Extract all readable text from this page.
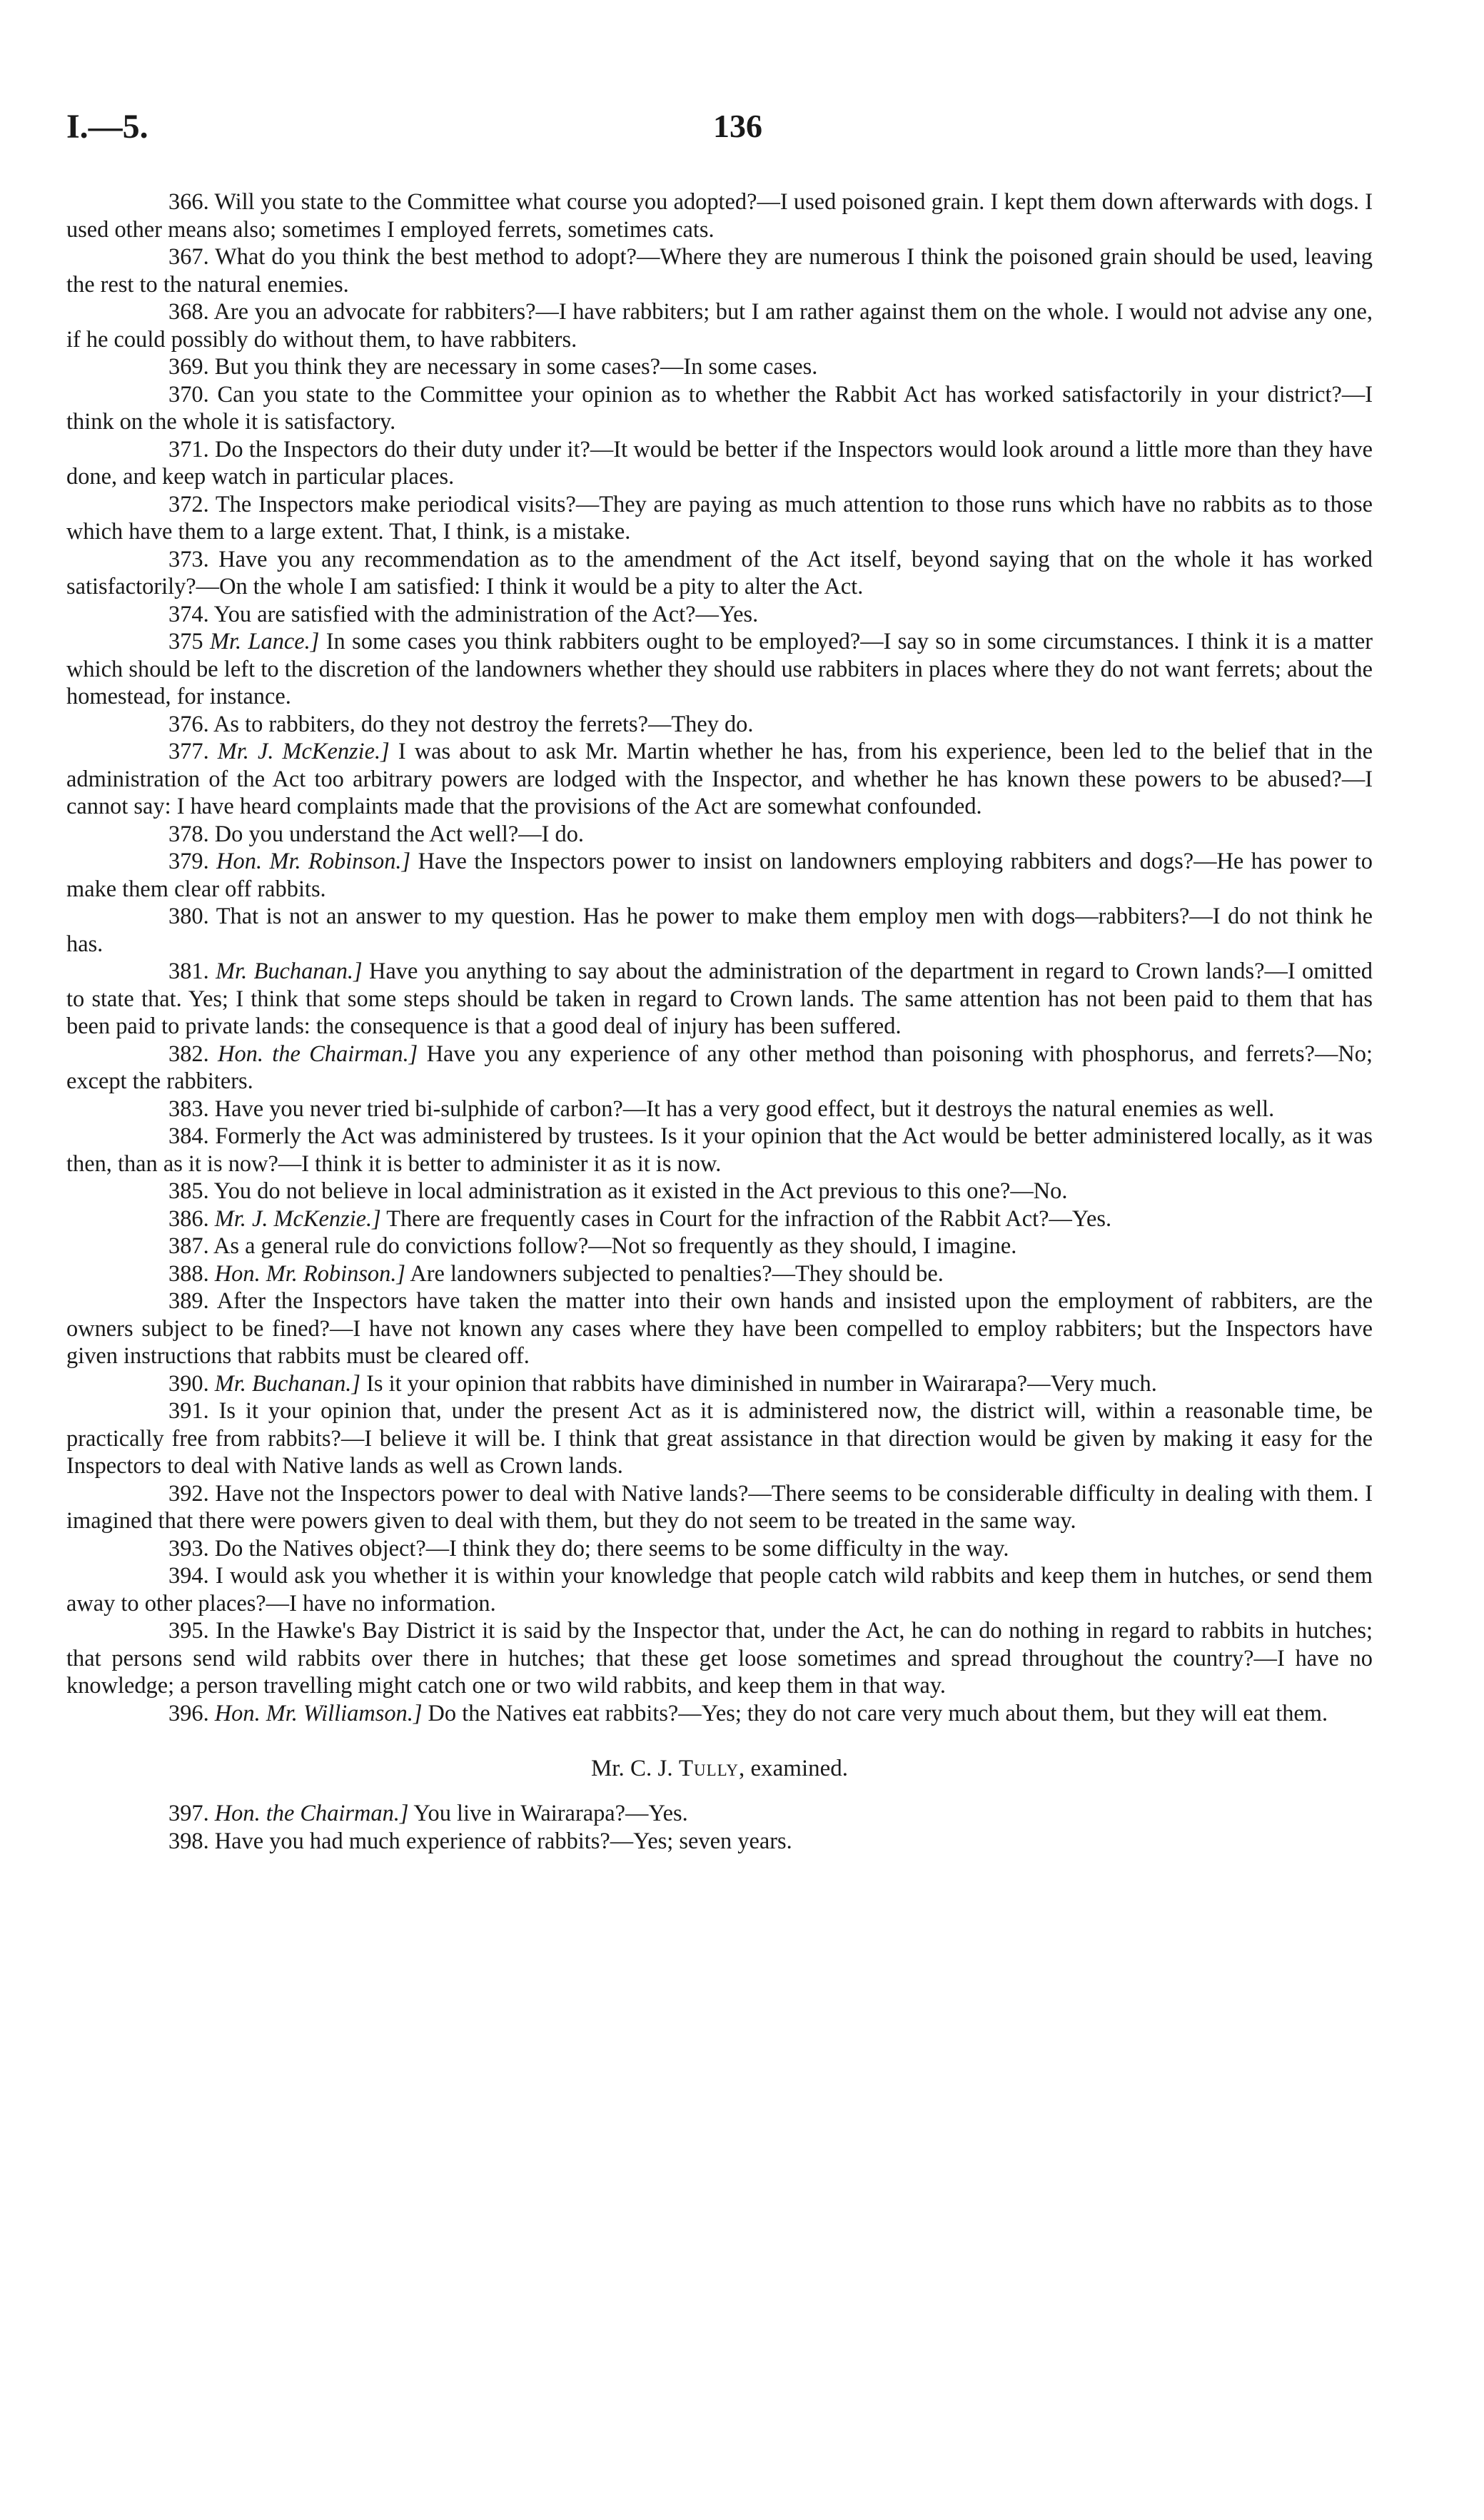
I.—5.	136

366. Will you state to the Committee what course you adopted?—I used poisoned grain. I kept them down afterwards with dogs. I used other means also; sometimes I employed ferrets, sometimes cats.

367. What do you think the best method to adopt?—Where they are numerous I think the poisoned grain should be used, leaving the rest to the natural enemies.

368. Are you an advocate for rabbiters?—I have rabbiters; but I am rather against them on the whole. I would not advise any one, if he could possibly do without them, to have rabbiters.

369. But you think they are necessary in some cases?—In some cases.

370. Can you state to the Committee your opinion as to whether the Rabbit Act has worked satisfactorily in your district?—I think on the whole it is satisfactory.

371. Do the Inspectors do their duty under it?—It would be better if the Inspectors would look around a little more than they have done, and keep watch in particular places.

372. The Inspectors make periodical visits?—They are paying as much attention to those runs which have no rabbits as to those which have them to a large extent. That, I think, is a mistake.

373. Have you any recommendation as to the amendment of the Act itself, beyond saying that on the whole it has worked satisfactorily?—On the whole I am satisfied: I think it would be a pity to alter the Act.

374. You are satisfied with the administration of the Act?—Yes.

375 Mr. Lance.] In some cases you think rabbiters ought to be employed?—I say so in some circumstances. I think it is a matter which should be left to the discretion of the landowners whether they should use rabbiters in places where they do not want ferrets; about the homestead, for instance.

376. As to rabbiters, do they not destroy the ferrets?—They do.

377. Mr. J. McKenzie.] I was about to ask Mr. Martin whether he has, from his experience, been led to the belief that in the administration of the Act too arbitrary powers are lodged with the Inspector, and whether he has known these powers to be abused?—I cannot say: I have heard complaints made that the provisions of the Act are somewhat confounded.

378. Do you understand the Act well?—I do.

379. Hon. Mr. Robinson.] Have the Inspectors power to insist on landowners employing rabbiters and dogs?—He has power to make them clear off rabbits.

380. That is not an answer to my question. Has he power to make them employ men with dogs—rabbiters?—I do not think he has.

381. Mr. Buchanan.] Have you anything to say about the administration of the department in regard to Crown lands?—I omitted to state that. Yes; I think that some steps should be taken in regard to Crown lands. The same attention has not been paid to them that has been paid to private lands: the consequence is that a good deal of injury has been suffered.

382. Hon. the Chairman.] Have you any experience of any other method than poisoning with phosphorus, and ferrets?—No; except the rabbiters.

383. Have you never tried bi-sulphide of carbon?—It has a very good effect, but it destroys the natural enemies as well.

384. Formerly the Act was administered by trustees. Is it your opinion that the Act would be better administered locally, as it was then, than as it is now?—I think it is better to administer it as it is now.

385. You do not believe in local administration as it existed in the Act previous to this one?—No.

386. Mr. J. McKenzie.] There are frequently cases in Court for the infraction of the Rabbit Act?—Yes.

387. As a general rule do convictions follow?—Not so frequently as they should, I imagine.

388. Hon. Mr. Robinson.] Are landowners subjected to penalties?—They should be.

389. After the Inspectors have taken the matter into their own hands and insisted upon the employment of rabbiters, are the owners subject to be fined?—I have not known any cases where they have been compelled to employ rabbiters; but the Inspectors have given instructions that rabbits must be cleared off.

390. Mr. Buchanan.] Is it your opinion that rabbits have diminished in number in Wairarapa?—Very much.

391. Is it your opinion that, under the present Act as it is administered now, the district will, within a reasonable time, be practically free from rabbits?—I believe it will be. I think that great assistance in that direction would be given by making it easy for the Inspectors to deal with Native lands as well as Crown lands.

392. Have not the Inspectors power to deal with Native lands?—There seems to be considerable difficulty in dealing with them. I imagined that there were powers given to deal with them, but they do not seem to be treated in the same way.

393. Do the Natives object?—I think they do; there seems to be some difficulty in the way.

394. I would ask you whether it is within your knowledge that people catch wild rabbits and keep them in hutches, or send them away to other places?—I have no information.

395. In the Hawke's Bay District it is said by the Inspector that, under the Act, he can do nothing in regard to rabbits in hutches; that persons send wild rabbits over there in hutches; that these get loose sometimes and spread throughout the country?—I have no knowledge; a person travelling might catch one or two wild rabbits, and keep them in that way.

396. Hon. Mr. Williamson.] Do the Natives eat rabbits?—Yes; they do not care very much about them, but they will eat them.

Mr. C. J. Tully, examined.

397. Hon. the Chairman.] You live in Wairarapa?—Yes.

398. Have you had much experience of rabbits?—Yes; seven years.
